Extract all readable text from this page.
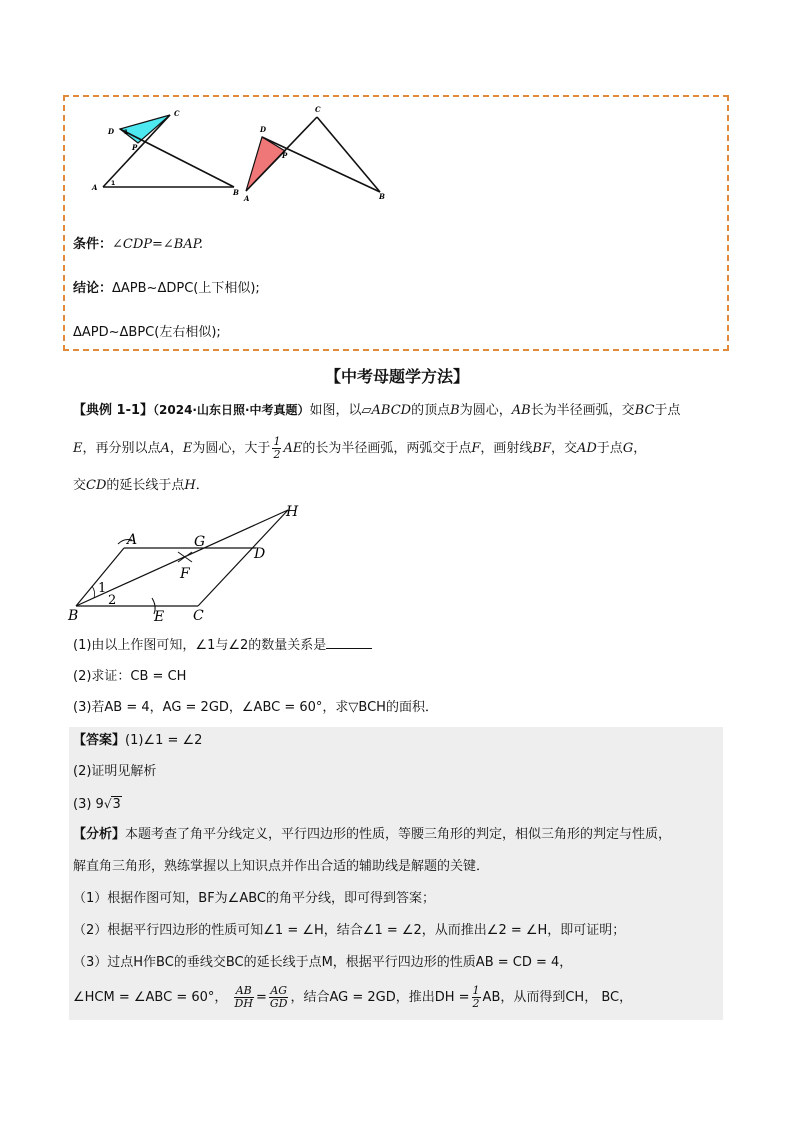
D 1
C
P
A 1
B
D
C
P
A	B
条件：∠CDP=∠BAP.
结论：ΔAPB~ΔDPC(上下相似);
ΔAPD~ΔBPC(左右相似);
【中考母题学方法】
【典例 1-1】（2024·山东日照·中考真题）如图，以▱ABCD的顶点B为圆心，AB长为半径画弧，交BC于点
E，再分别以点A，E为圆心，大于 $\frac{1}{2}$ AE的长为半径画弧，两弧交于点F，画射线BF，交AD于点G，
交CD的延长线于点H．
A	G
H
D
F
1
2
B	E C
(1)由以上作图可知，∠1与∠2的数量关系是
(2)求证：CB = CH
(3)若AB = 4，AG = 2GD，∠ABC = 60°，求▽BCH的面积．
【答案】(1)∠1 = ∠2
(2)证明见解析
(3) 9√3
【分析】本题考查了角平分线定义，平行四边形的性质，等腰三角形的判定，相似三角形的判定与性质，
解直角三角形，熟练掌握以上知识点并作出合适的辅助线是解题的关键．
（1）根据作图可知，BF为∠ABC的角平分线，即可得到答案；
（2）根据平行四边形的性质可知∠1 = ∠H，结合∠1 = ∠2，从而推出∠2 = ∠H，即可证明；
（3）过点H作BC的垂线交BC的延长线于点M，根据平行四边形的性质AB = CD = 4，
∠HCM = ∠ABC = 60°， $\frac{AB}{DH} = \frac{AG}{GD}$ ，结合AG = 2GD，推出DH = $\frac{1}{2}$ AB，从而得到CH， BC，
